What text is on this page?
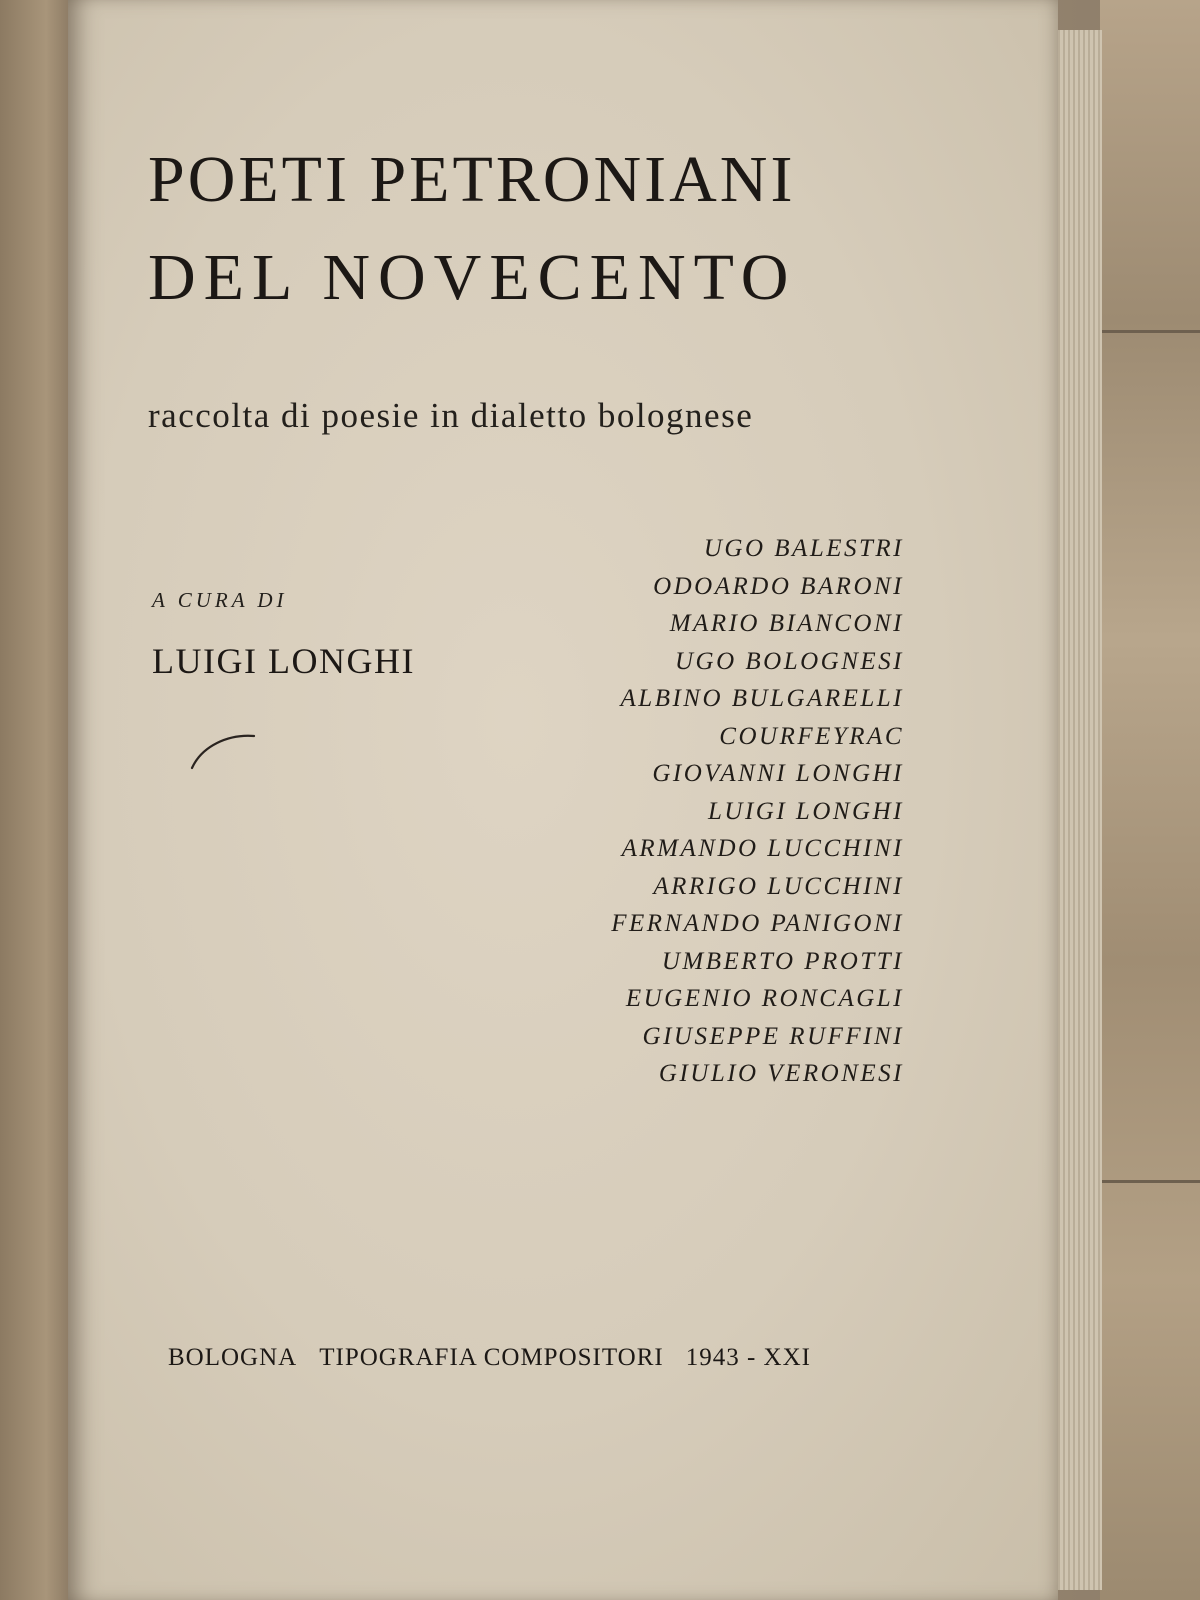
POETI PETRONIANI
DEL NOVECENTO

raccolta di poesie in dialetto bolognese

A CURA DI
LUIGI LONGHI
UGO BALESTRI
ODOARDO BARONI
MARIO BIANCONI
UGO BOLOGNESI
ALBINO BULGARELLI
COURFEYRAC
GIOVANNI LONGHI
LUIGI LONGHI
ARMANDO LUCCHINI
ARRIGO LUCCHINI
FERNANDO PANIGONI
UMBERTO PROTTI
EUGENIO RONCAGLI
GIUSEPPE RUFFINI
GIULIO VERONESI

BOLOGNA TIPOGRAFIA COMPOSITORI 1943 - XXI
